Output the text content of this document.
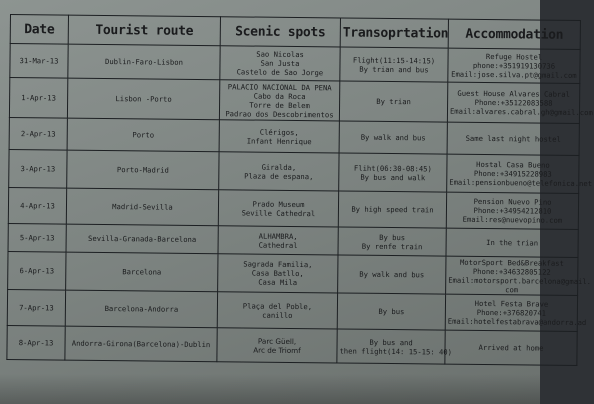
Date	Tourist route	Scenic spots	Transoprtation	Accommodation
31-Mar-13	Dublin-Faro-Lisbon	Sao Nicolas
San Justa
Castelo de Sao Jorge	Flight(11:15-14:15)
By trian and bus	Refuge Hostel
phone:+351919130736
Email:jose.silva.pt@gmail.com

1-Apr-13	Lisbon -Porto	PALACIO NACIONAL DA PENA
Cabo da Roca
Torre de Belem
Padrao dos Descobrimentos	By trian	Guest House Alvares Cabral
Phone:+35122083588
Email:alvares.cabral.gh@gmail.com

2-Apr-13	Porto	Clérigos,
Infant Henrique	By walk and bus	Same last night hostel

3-Apr-13	Porto-Madrid	Giralda,
Plaza de espana,	Fliht(06:30-08:45)
By bus and walk	Hostal Casa Bueno
Phone:+34915228983
Email:pensionbueno@telefonica.net

4-Apr-13	Madrid-Sevilla	Prado Museum
Seville Cathedral	By high speed train	Pension Nuevo Pino
Phone:+34954212810
Email:res@nuevopino.com

5-Apr-13	Sevilla-Granada-Barcelona	ALHAMBRA,
Cathedral	By bus
By renfe train	In the trian

6-Apr-13	Barcelona	Sagrada Familia,
Casa Batllo,
Casa Mila	By walk and bus	MotorSport Bed&Breakfast
Phone:+34632805122
Email:motorsport.barcelona@gmail.
com

7-Apr-13	Barcelona-Andorra	Plaça del Poble,
canillo	By bus	Hotel Festa Brave
Phone:+376820741
Email:hotelfestabrava@andorra.ad

8-Apr-13	Andorra-Girona(Barcelona)-Dublin	Parc Güell,
Arc de Triomf	By bus and
then flight(14: 15-15: 40)	Arrived at home
